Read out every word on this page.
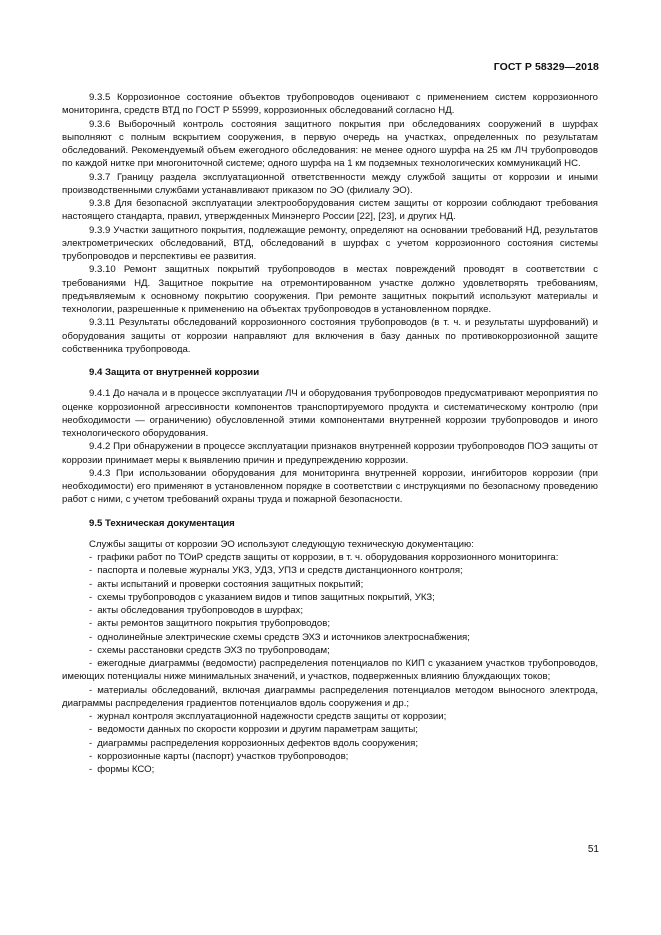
ГОСТ Р 58329—2018

9.3.5 Коррозионное состояние объектов трубопроводов оценивают с применением систем коррозионного мониторинга, средств ВТД по ГОСТ Р 55999, коррозионных обследований согласно НД.

9.3.6 Выборочный контроль состояния защитного покрытия при обследованиях сооружений в шурфах выполняют с полным вскрытием сооружения, в первую очередь на участках, определенных по результатам обследований. Рекомендуемый объем ежегодного обследования: не менее одного шурфа на 25 км ЛЧ трубопроводов по каждой нитке при многониточной системе; одного шурфа на 1 км подземных технологических коммуникаций НС.

9.3.7 Границу раздела эксплуатационной ответственности между службой защиты от коррозии и иными производственными службами устанавливают приказом по ЭО (филиалу ЭО).

9.3.8 Для безопасной эксплуатации электрооборудования систем защиты от коррозии соблюдают требования настоящего стандарта, правил, утвержденных Минэнерго России [22], [23], и других НД.

9.3.9 Участки защитного покрытия, подлежащие ремонту, определяют на основании требований НД, результатов электрометрических обследований, ВТД, обследований в шурфах с учетом коррозионного состояния системы трубопроводов и перспективы ее развития.

9.3.10 Ремонт защитных покрытий трубопроводов в местах повреждений проводят в соответствии с требованиями НД. Защитное покрытие на отремонтированном участке должно удовлетворять требованиям, предъявляемым к основному покрытию сооружения. При ремонте защитных покрытий используют материалы и технологии, разрешенные к применению на объектах трубопроводов в установленном порядке.

9.3.11 Результаты обследований коррозионного состояния трубопроводов (в т. ч. и результаты шурфований) и оборудования защиты от коррозии направляют для включения в базу данных по противокоррозионной защите собственника трубопровода.

9.4 Защита от внутренней коррозии

9.4.1 До начала и в процессе эксплуатации ЛЧ и оборудования трубопроводов предусматривают мероприятия по оценке коррозионной агрессивности компонентов транспортируемого продукта и систематическому контролю (при необходимости — ограничению) обусловленной этими компонентами внутренней коррозии трубопроводов и иного технологического оборудования.

9.4.2 При обнаружении в процессе эксплуатации признаков внутренней коррозии трубопроводов ПОЭ защиты от коррозии принимает меры к выявлению причин и предупреждению коррозии.

9.4.3 При использовании оборудования для мониторинга внутренней коррозии, ингибиторов коррозии (при необходимости) его применяют в установленном порядке в соответствии с инструкциями по безопасному проведению работ с ними, с учетом требований охраны труда и пожарной безопасности.

9.5 Техническая документация

Службы защиты от коррозии ЭО используют следующую техническую документацию:

- графики работ по ТОиР средств защиты от коррозии, в т. ч. оборудования коррозионного мониторинга:
- паспорта и полевые журналы УКЗ, УДЗ, УПЗ и средств дистанционного контроля;
- акты испытаний и проверки состояния защитных покрытий;
- схемы трубопроводов с указанием видов и типов защитных покрытий, УКЗ;
- акты обследования трубопроводов в шурфах;
- акты ремонтов защитного покрытия трубопроводов;
- однолинейные электрические схемы средств ЭХЗ и источников электроснабжения;
- схемы расстановки средств ЭХЗ по трубопроводам;
- ежегодные диаграммы (ведомости) распределения потенциалов по КИП с указанием участков трубопроводов, имеющих потенциалы ниже минимальных значений, и участков, подверженных влиянию блуждающих токов;
- материалы обследований, включая диаграммы распределения потенциалов методом выносного электрода, диаграммы распределения градиентов потенциалов вдоль сооружения и др.;
- журнал контроля эксплуатационной надежности средств защиты от коррозии;
- ведомости данных по скорости коррозии и другим параметрам защиты;
- диаграммы распределения коррозионных дефектов вдоль сооружения;
- коррозионные карты (паспорт) участков трубопроводов;
- формы КСО;
51
